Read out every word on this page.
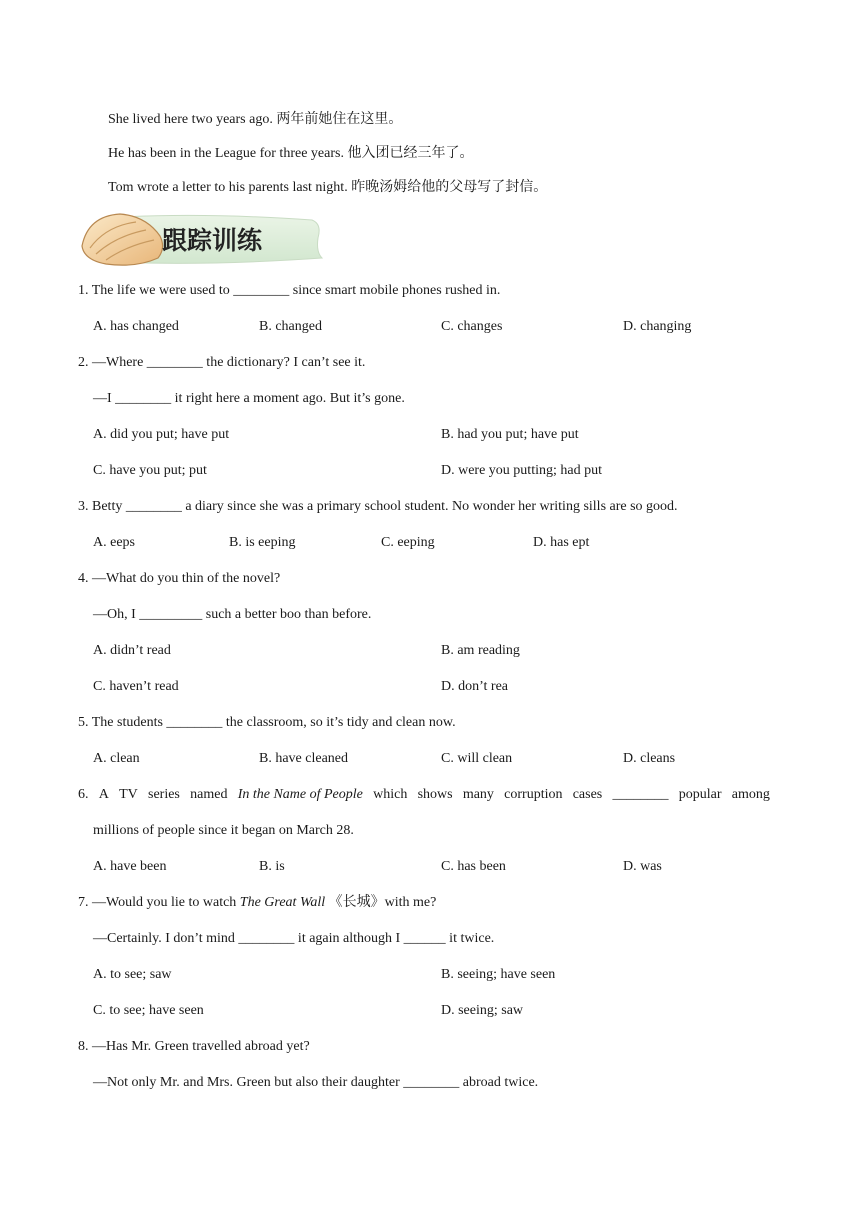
She lived here two years ago. 两年前她住在这里。
He has been in the League for three years. 他入团已经三年了。
Tom wrote a letter to his parents last night. 昨晚汤姆给他的父母写了封信。
跟踪训练
1. The life we were used to ________ since smart mobile phones rushed in.
A. has changed	B. changed	C. changes	D. changing
2. —Where ________ the dictionary? I can’t see it.
—I ________ it right here a moment ago. But it’s gone.
A. did you put; have put	B. had you put; have put
C. have you put; put	D. were you putting; had put
3. Betty ________ a diary since she was a primary school student. No wonder her writing sills are so good.
A. eeps	B. is eeping	C. eeping	D. has ept
4. —What do you thin of the novel?
—Oh, I _________ such a better boo than before.
A. didn’t read	B. am reading
C. haven’t read	D. don’t rea
5. The students ________ the classroom, so it’s tidy and clean now.
A. clean	B. have cleaned	C. will clean	D. cleans
6. A TV series named In the Name of People which shows many corruption cases ________ popular among
millions of people since it began on March 28.
A. have been	B. is	C. has been	D. was
7. —Would you lie to watch The Great Wall 《长城》with me?
—Certainly. I don’t mind ________ it again although I ______ it twice.
A. to see; saw	B. seeing; have seen
C. to see; have seen	D. seeing; saw
8. —Has Mr. Green travelled abroad yet?
—Not only Mr. and Mrs. Green but also their daughter ________ abroad twice.
